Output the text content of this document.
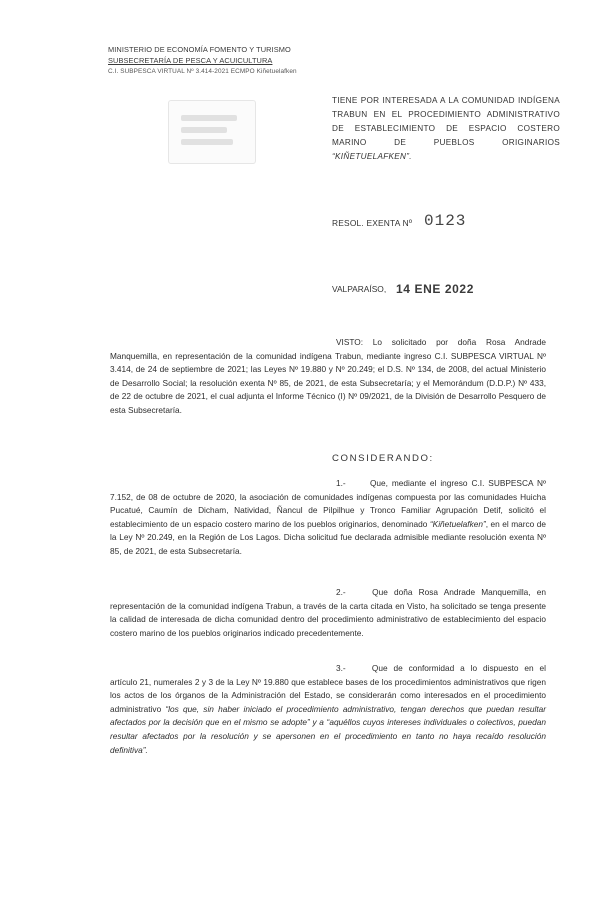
MINISTERIO DE ECONOMÍA FOMENTO Y TURISMO
SUBSECRETARÍA DE PESCA Y ACUICULTURA
C.I. SUBPESCA VIRTUAL Nº 3.414-2021 ECMPO Kiñetuelafken
TIENE POR INTERESADA A LA COMUNIDAD INDÍGENA TRABUN EN EL PROCEDIMIENTO ADMINISTRATIVO DE ESTABLECIMIENTO DE ESPACIO COSTERO MARINO DE PUEBLOS ORIGINARIOS “KIÑETUELAFKEN”.
RESOL. EXENTA Nº 0123
VALPARAÍSO, 14 ENE 2022
VISTO: Lo solicitado por doña Rosa Andrade Manquemilla, en representación de la comunidad indígena Trabun, mediante ingreso C.I. SUBPESCA VIRTUAL Nº 3.414, de 24 de septiembre de 2021; las Leyes Nº 19.880 y Nº 20.249; el D.S. Nº 134, de 2008, del actual Ministerio de Desarrollo Social; la resolución exenta Nº 85, de 2021, de esta Subsecretaría; y el Memorándum (D.D.P.) Nº 433, de 22 de octubre de 2021, el cual adjunta el Informe Técnico (I) Nº 09/2021, de la División de Desarrollo Pesquero de esta Subsecretaría.
CONSIDERANDO:
1.-	Que, mediante el ingreso C.I. SUBPESCA Nº 7.152, de 08 de octubre de 2020, la asociación de comunidades indígenas compuesta por las comunidades Huicha Pucatué, Caumín de Dicham, Natividad, Ñancul de Pilpilhue y Tronco Familiar Agrupación Detif, solicitó el establecimiento de un espacio costero marino de los pueblos originarios, denominado “Kiñetuelafken”, en el marco de la Ley Nº 20.249, en la Región de Los Lagos. Dicha solicitud fue declarada admisible mediante resolución exenta Nº 85, de 2021, de esta Subsecretaría.
2.-	Que doña Rosa Andrade Manquemilla, en representación de la comunidad indígena Trabun, a través de la carta citada en Visto, ha solicitado se tenga presente la calidad de interesada de dicha comunidad dentro del procedimiento administrativo de establecimiento del espacio costero marino de los pueblos originarios indicado precedentemente.
3.-	Que de conformidad a lo dispuesto en el artículo 21, numerales 2 y 3 de la Ley Nº 19.880 que establece bases de los procedimientos administrativos que rigen los actos de los órganos de la Administración del Estado, se considerarán como interesados en el procedimiento administrativo “los que, sin haber iniciado el procedimiento administrativo, tengan derechos que puedan resultar afectados por la decisión que en el mismo se adopte” y a “aquéllos cuyos intereses individuales o colectivos, puedan resultar afectados por la resolución y se apersonen en el procedimiento en tanto no haya recaído resolución definitiva”.
